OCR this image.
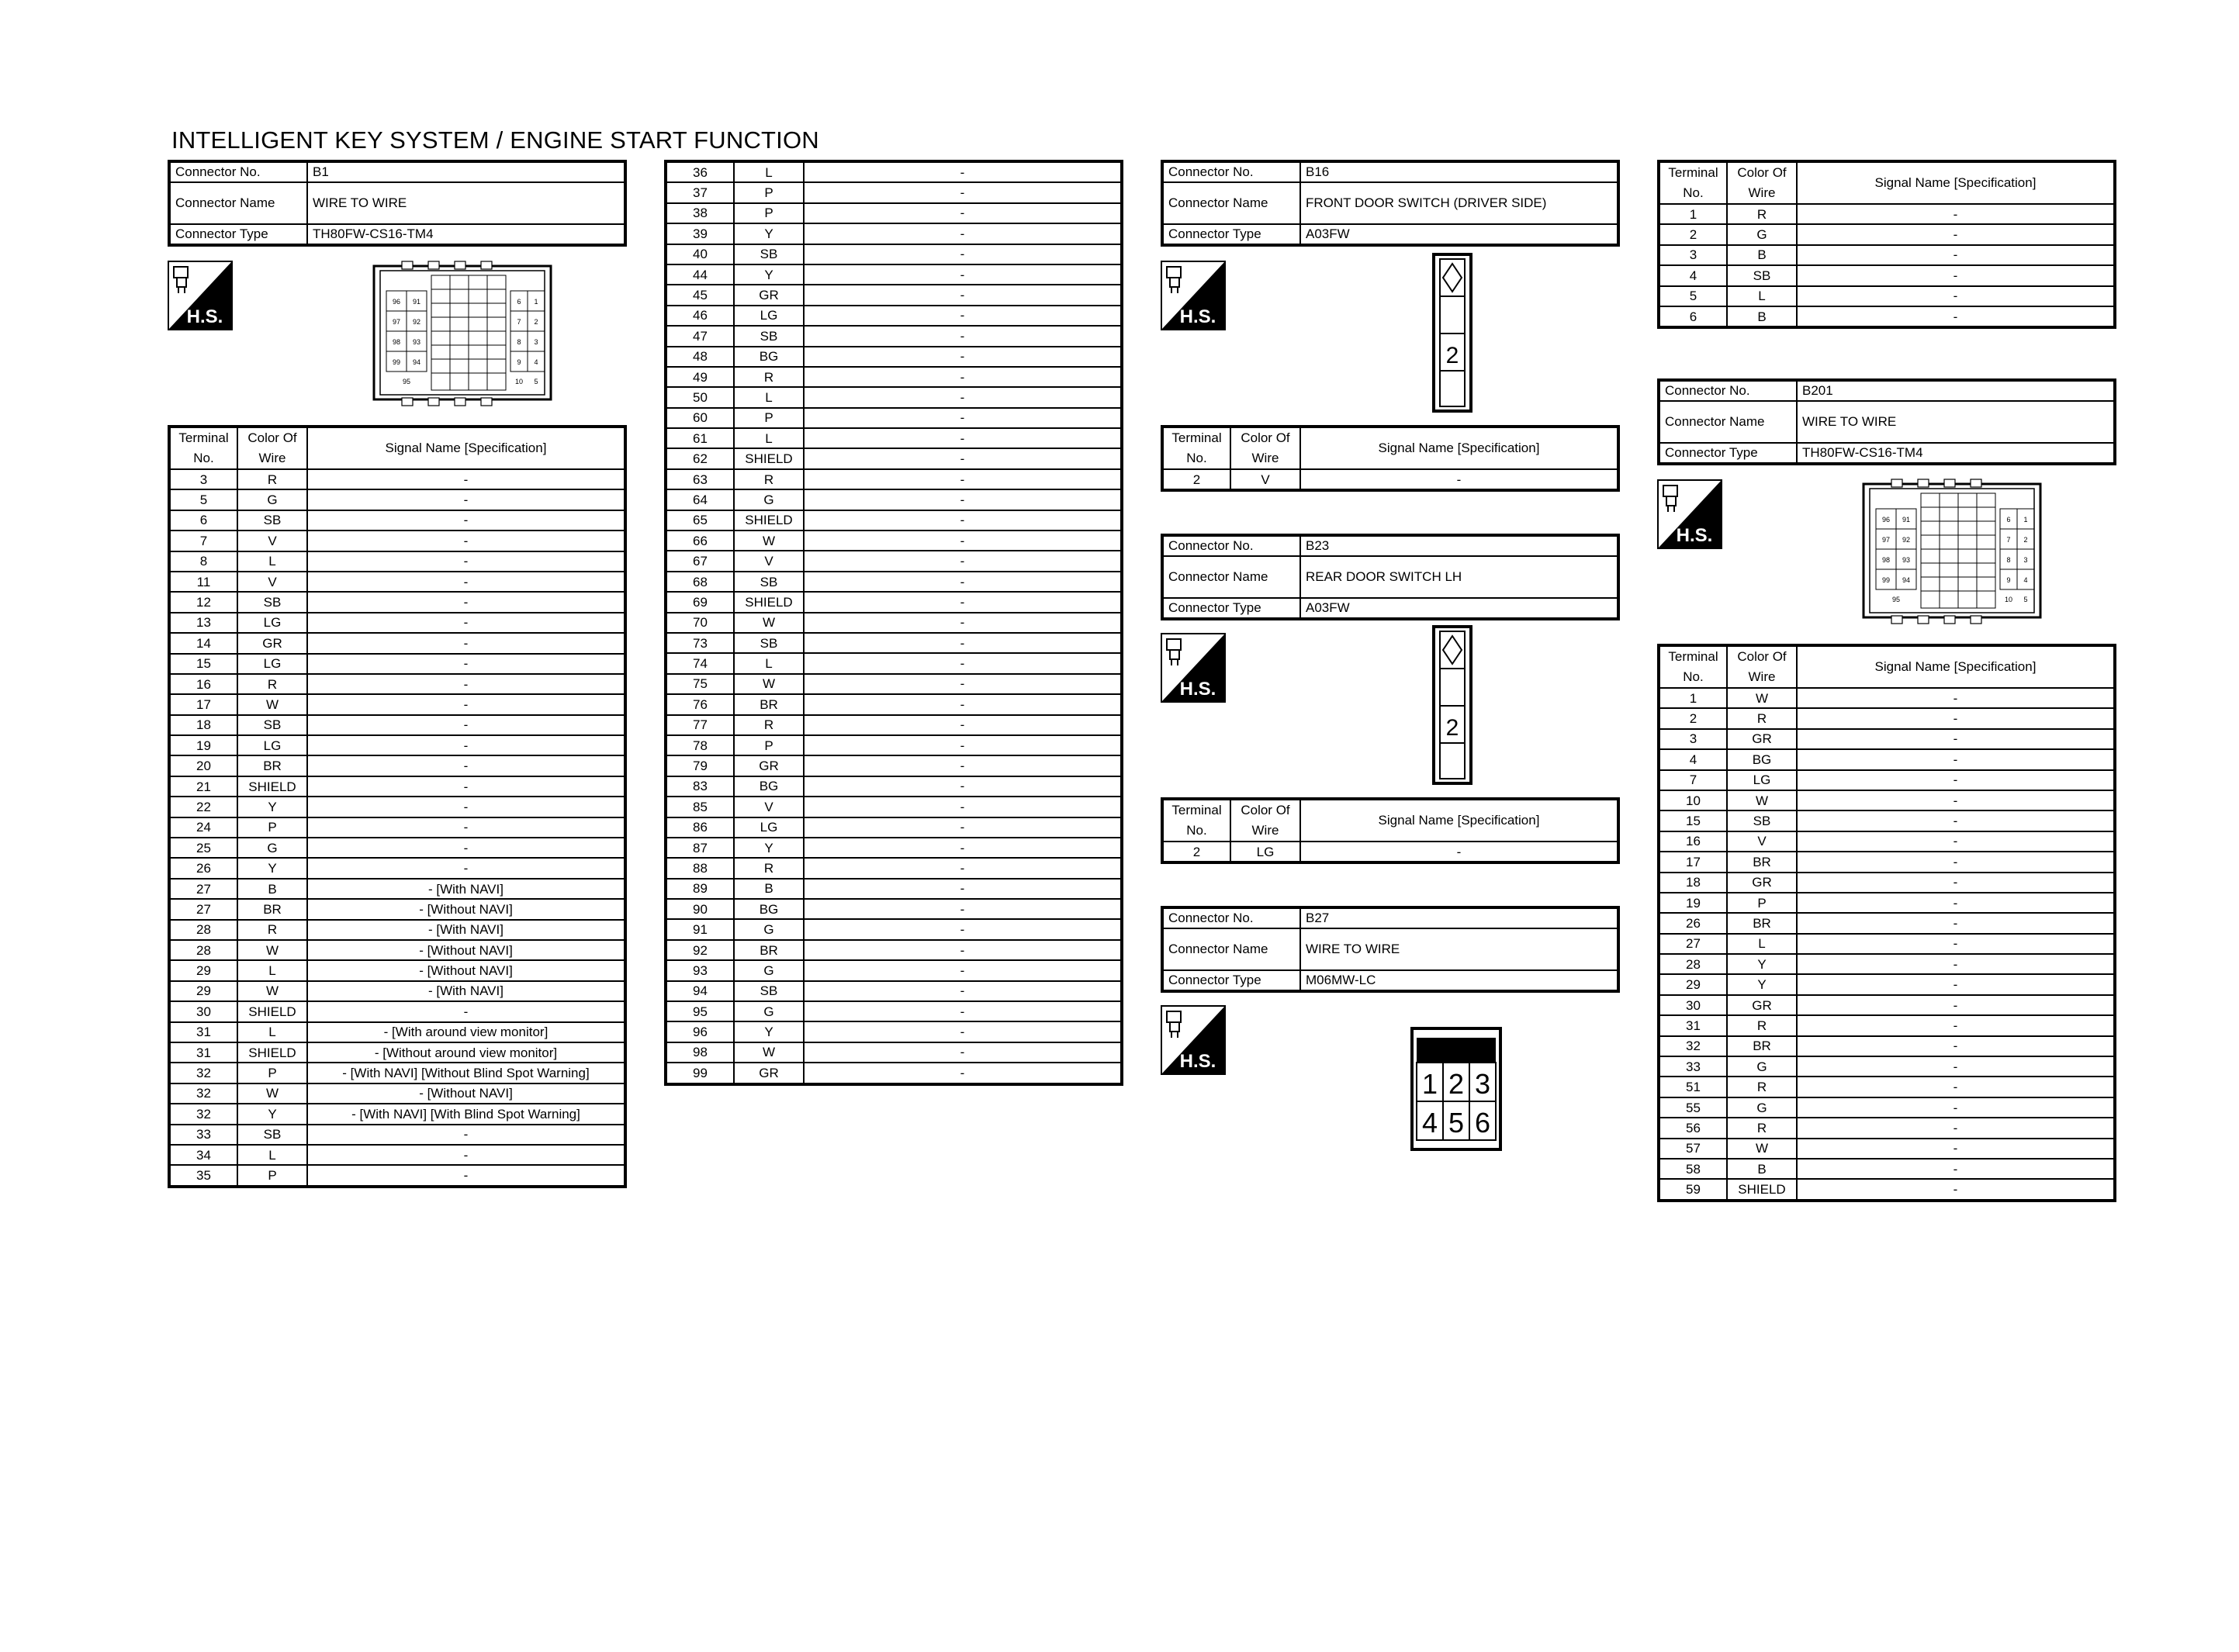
INTELLIGENT KEY SYSTEM / ENGINE START FUNCTION
Connector No.	B1
Connector Name	WIRE TO WIRE
Connector Type	TH80FW-CS16-TM4
H.S.
96 91
97 92
98 93
99 94
95
6 1
7 2
8 3
9 4
10 5
Terminal No.	Color Of Wire	Signal Name [Specification]
3	R	-
5	G	-
6	SB	-
7	V	-
8	L	-
11	V	-
12	SB	-
13	LG	-
14	GR	-
15	LG	-
16	R	-
17	W	-
18	SB	-
19	LG	-
20	BR	-
21	SHIELD	-
22	Y	-
24	P	-
25	G	-
26	Y	-
27	B	- [With NAVI]
27	BR	- [Without NAVI]
28	R	- [With NAVI]
28	W	- [Without NAVI]
29	L	- [Without NAVI]
29	W	- [With NAVI]
30	SHIELD	-
31	L	- [With around view monitor]
31	SHIELD	- [Without around view monitor]
32	P	- [With NAVI] [Without Blind Spot Warning]
32	W	- [Without NAVI]
32	Y	- [With NAVI] [With Blind Spot Warning]
33	SB	-
34	L	-
35	P	-
36	L	-
37	P	-
38	P	-
39	Y	-
40	SB	-
44	Y	-
45	GR	-
46	LG	-
47	SB	-
48	BG	-
49	R	-
50	L	-
60	P	-
61	L	-
62	SHIELD	-
63	R	-
64	G	-
65	SHIELD	-
66	W	-
67	V	-
68	SB	-
69	SHIELD	-
70	W	-
73	SB	-
74	L	-
75	W	-
76	BR	-
77	R	-
78	P	-
79	GR	-
83	BG	-
85	V	-
86	LG	-
87	Y	-
88	R	-
89	B	-
90	BG	-
91	G	-
92	BR	-
93	G	-
94	SB	-
95	G	-
96	Y	-
98	W	-
99	GR	-
Connector No.	B16
Connector Name	FRONT DOOR SWITCH (DRIVER SIDE)
Connector Type	A03FW
H.S.
2
Terminal No.	Color Of Wire	Signal Name [Specification]
2	V	-
Connector No.	B23
Connector Name	REAR DOOR SWITCH LH
Connector Type	A03FW
H.S.
2
Terminal No.	Color Of Wire	Signal Name [Specification]
2	LG	-
Connector No.	B27
Connector Name	WIRE TO WIRE
Connector Type	M06MW-LC
H.S.
1 2 3
4 5 6
Terminal No.	Color Of Wire	Signal Name [Specification]
1	R	-
2	G	-
3	B	-
4	SB	-
5	L	-
6	B	-
Connector No.	B201
Connector Name	WIRE TO WIRE
Connector Type	TH80FW-CS16-TM4
H.S.
96 91
97 92
98 93
99 94
95
6 1
7 2
8 3
9 4
10 5
Terminal No.	Color Of Wire	Signal Name [Specification]
1	W	-
2	R	-
3	GR	-
4	BG	-
7	LG	-
10	W	-
15	SB	-
16	V	-
17	BR	-
18	GR	-
19	P	-
26	BR	-
27	L	-
28	Y	-
29	Y	-
30	GR	-
31	R	-
32	BR	-
33	G	-
51	R	-
55	G	-
56	R	-
57	W	-
58	B	-
59	SHIELD	-
